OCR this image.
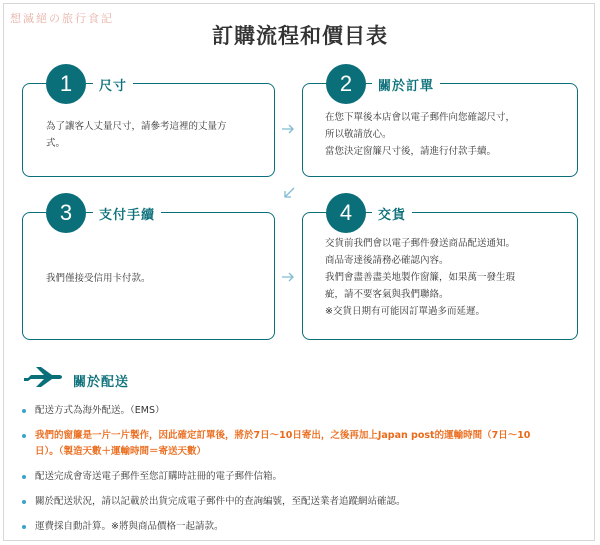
想滅絕の旅行食記
訂購流程和價目表
1	尺寸
為了讓客人丈量尺寸，請參考這裡的丈量方
式。
2	關於訂單
在您下單後本店會以電子郵件向您確認尺寸，
所以敬請放心。
當您決定窗簾尺寸後，請進行付款手續。
3	支付手續
我們僅接受信用卡付款。
4	交貨
交貨前我們會以電子郵件發送商品配送通知。
商品寄達後請務必確認內容。
我們會盡善盡美地製作窗簾，如果萬一發生瑕
疵，請不要客氣與我們聯絡。
※交貨日期有可能因訂單過多而延遲。
關於配送
配送方式為海外配送。（EMS）
我們的窗簾是一片一片製作，因此確定訂單後，將於7日～10日寄出，之後再加上Japan post的運輸時間（7日～10
日）。（製造天數＋運輸時間＝寄送天數）
配送完成會寄送電子郵件至您訂購時註冊的電子郵件信箱。
關於配送狀況，請以記載於出貨完成電子郵件中的查詢編號，至配送業者追蹤網站確認。
運費採自動計算。※將與商品價格一起請款。
